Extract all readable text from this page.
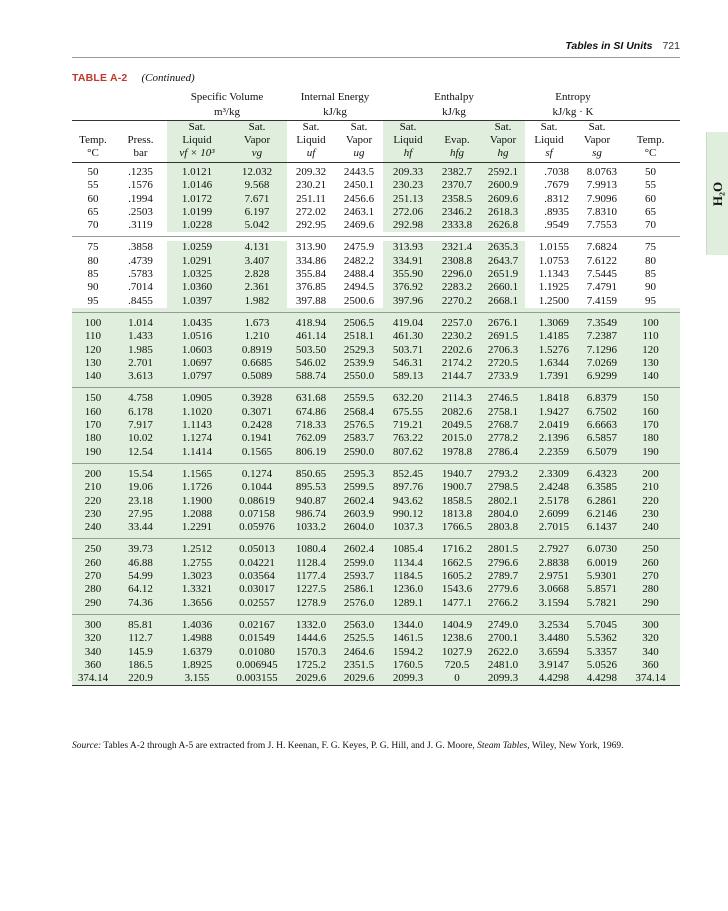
Tables in SI Units 721
TABLE A-2 (Continued)
H₂O
		Specific Volume		Internal Energy		Enthalpy			Entropy		
		m³/kg		kJ/kg		kJ/kg			kJ/kg · K		
		Sat.	Sat.	Sat.	Sat.	Sat.		Sat.	Sat.	Sat.	
Temp.	Press.	Liquid	Vapor	Liquid	Vapor	Liquid	Evap.	Vapor	Liquid	Vapor	Temp.
°C	bar	vf × 10³	vg	uf	ug	hf	hfg	hg	sf	sg	°C
50	.1235	1.0121	12.032	209.32	2443.5	209.33	2382.7	2592.1	.7038	8.0763	50
55	.1576	1.0146	9.568	230.21	2450.1	230.23	2370.7	2600.9	.7679	7.9913	55
60	.1994	1.0172	7.671	251.11	2456.6	251.13	2358.5	2609.6	.8312	7.9096	60
65	.2503	1.0199	6.197	272.02	2463.1	272.06	2346.2	2618.3	.8935	7.8310	65
70	.3119	1.0228	5.042	292.95	2469.6	292.98	2333.8	2626.8	.9549	7.7553	70

75	.3858	1.0259	4.131	313.90	2475.9	313.93	2321.4	2635.3	1.0155	7.6824	75
80	.4739	1.0291	3.407	334.86	2482.2	334.91	2308.8	2643.7	1.0753	7.6122	80
85	.5783	1.0325	2.828	355.84	2488.4	355.90	2296.0	2651.9	1.1343	7.5445	85
90	.7014	1.0360	2.361	376.85	2494.5	376.92	2283.2	2660.1	1.1925	7.4791	90
95	.8455	1.0397	1.982	397.88	2500.6	397.96	2270.2	2668.1	1.2500	7.4159	95

100	1.014	1.0435	1.673	418.94	2506.5	419.04	2257.0	2676.1	1.3069	7.3549	100
110	1.433	1.0516	1.210	461.14	2518.1	461.30	2230.2	2691.5	1.4185	7.2387	110
120	1.985	1.0603	0.8919	503.50	2529.3	503.71	2202.6	2706.3	1.5276	7.1296	120
130	2.701	1.0697	0.6685	546.02	2539.9	546.31	2174.2	2720.5	1.6344	7.0269	130
140	3.613	1.0797	0.5089	588.74	2550.0	589.13	2144.7	2733.9	1.7391	6.9299	140

150	4.758	1.0905	0.3928	631.68	2559.5	632.20	2114.3	2746.5	1.8418	6.8379	150
160	6.178	1.1020	0.3071	674.86	2568.4	675.55	2082.6	2758.1	1.9427	6.7502	160
170	7.917	1.1143	0.2428	718.33	2576.5	719.21	2049.5	2768.7	2.0419	6.6663	170
180	10.02	1.1274	0.1941	762.09	2583.7	763.22	2015.0	2778.2	2.1396	6.5857	180
190	12.54	1.1414	0.1565	806.19	2590.0	807.62	1978.8	2786.4	2.2359	6.5079	190

200	15.54	1.1565	0.1274	850.65	2595.3	852.45	1940.7	2793.2	2.3309	6.4323	200
210	19.06	1.1726	0.1044	895.53	2599.5	897.76	1900.7	2798.5	2.4248	6.3585	210
220	23.18	1.1900	0.08619	940.87	2602.4	943.62	1858.5	2802.1	2.5178	6.2861	220
230	27.95	1.2088	0.07158	986.74	2603.9	990.12	1813.8	2804.0	2.6099	6.2146	230
240	33.44	1.2291	0.05976	1033.2	2604.0	1037.3	1766.5	2803.8	2.7015	6.1437	240

250	39.73	1.2512	0.05013	1080.4	2602.4	1085.4	1716.2	2801.5	2.7927	6.0730	250
260	46.88	1.2755	0.04221	1128.4	2599.0	1134.4	1662.5	2796.6	2.8838	6.0019	260
270	54.99	1.3023	0.03564	1177.4	2593.7	1184.5	1605.2	2789.7	2.9751	5.9301	270
280	64.12	1.3321	0.03017	1227.5	2586.1	1236.0	1543.6	2779.6	3.0668	5.8571	280
290	74.36	1.3656	0.02557	1278.9	2576.0	1289.1	1477.1	2766.2	3.1594	5.7821	290

300	85.81	1.4036	0.02167	1332.0	2563.0	1344.0	1404.9	2749.0	3.2534	5.7045	300
320	112.7	1.4988	0.01549	1444.6	2525.5	1461.5	1238.6	2700.1	3.4480	5.5362	320
340	145.9	1.6379	0.01080	1570.3	2464.6	1594.2	1027.9	2622.0	3.6594	5.3357	340
360	186.5	1.8925	0.006945	1725.2	2351.5	1760.5	720.5	2481.0	3.9147	5.0526	360
374.14	220.9	3.155	0.003155	2029.6	2029.6	2099.3	0	2099.3	4.4298	4.4298	374.14

Source: Tables A-2 through A-5 are extracted from J. H. Keenan, F. G. Keyes, P. G. Hill, and J. G. Moore, Steam Tables, Wiley, New York, 1969.
